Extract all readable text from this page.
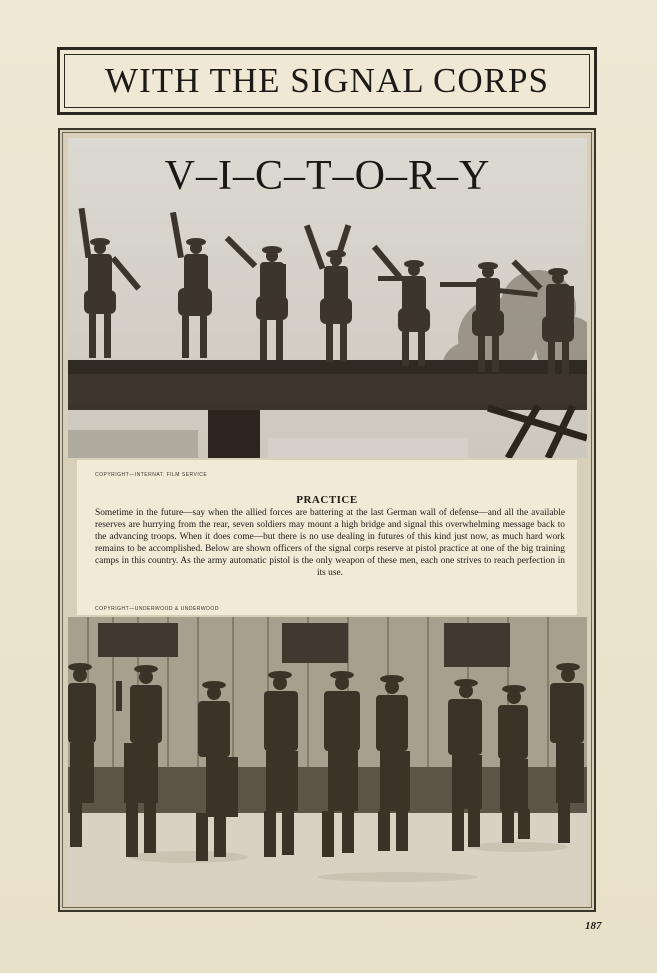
WITH THE SIGNAL CORPS
V–I–C–T–O–R–Y
COPYRIGHT—INTERNAT. FILM SERVICE
PRACTICE

Sometime in the future—say when the allied forces are battering at the last German wall of defense—and all the available reserves are hurrying from the rear, seven soldiers may mount a high bridge and signal this overwhelming message back to the advancing troops. When it does come—but there is no use dealing in futures of this kind just now, as much hard work remains to be accomplished. Below are shown officers of the signal corps reserve at pistol practice at one of the big training camps in this country. As the army automatic pistol is the only weapon of these men, each one strives to reach perfection in its use.

COPYRIGHT—UNDERWOOD & UNDERWOOD
187
